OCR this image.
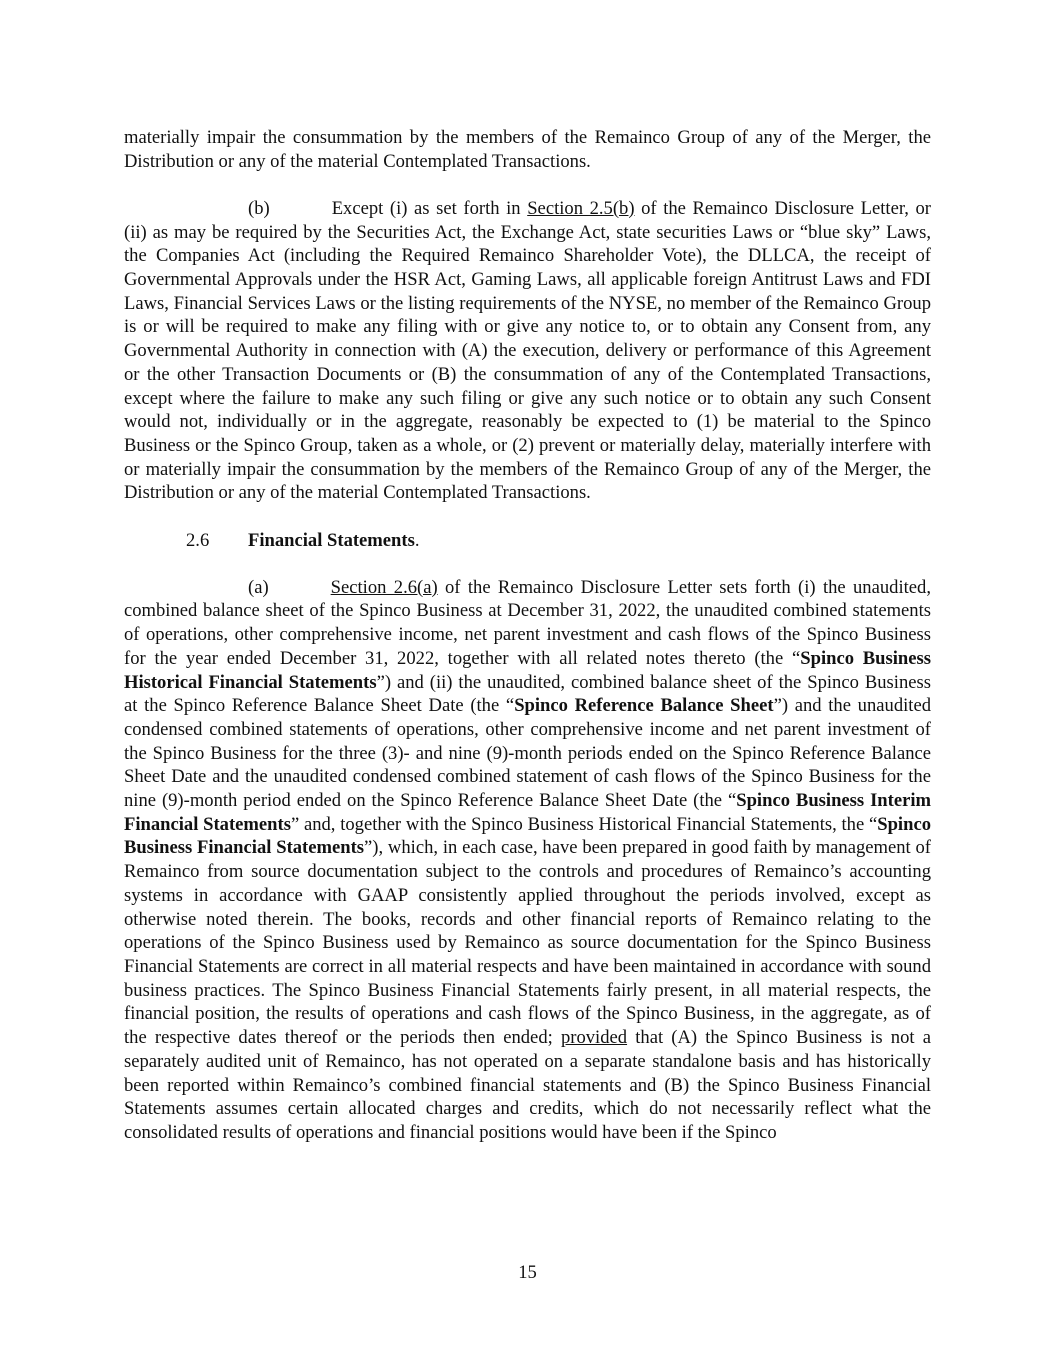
materially impair the consummation by the members of the Remainco Group of any of the Merger, the Distribution or any of the material Contemplated Transactions.

(b)	Except (i) as set forth in Section 2.5(b) of the Remainco Disclosure Letter, or (ii) as may be required by the Securities Act, the Exchange Act, state securities Laws or “blue sky” Laws, the Companies Act (including the Required Remainco Shareholder Vote), the DLLCA, the receipt of Governmental Approvals under the HSR Act, Gaming Laws, all applicable foreign Antitrust Laws and FDI Laws, Financial Services Laws or the listing requirements of the NYSE, no member of the Remainco Group is or will be required to make any filing with or give any notice to, or to obtain any Consent from, any Governmental Authority in connection with (A) the execution, delivery or performance of this Agreement or the other Transaction Documents or (B) the consummation of any of the Contemplated Transactions, except where the failure to make any such filing or give any such notice or to obtain any such Consent would not, individually or in the aggregate, reasonably be expected to (1) be material to the Spinco Business or the Spinco Group, taken as a whole, or (2) prevent or materially delay, materially interfere with or materially impair the consummation by the members of the Remainco Group of any of the Merger, the Distribution or any of the material Contemplated Transactions.

2.6 Financial Statements.

(a)	Section 2.6(a) of the Remainco Disclosure Letter sets forth (i) the unaudited, combined balance sheet of the Spinco Business at December 31, 2022, the unaudited combined statements of operations, other comprehensive income, net parent investment and cash flows of the Spinco Business for the year ended December 31, 2022, together with all related notes thereto (the “Spinco Business Historical Financial Statements”) and (ii) the unaudited, combined balance sheet of the Spinco Business at the Spinco Reference Balance Sheet Date (the “Spinco Reference Balance Sheet”) and the unaudited condensed combined statements of operations, other comprehensive income and net parent investment of the Spinco Business for the three (3)- and nine (9)-month periods ended on the Spinco Reference Balance Sheet Date and the unaudited condensed combined statement of cash flows of the Spinco Business for the nine (9)-month period ended on the Spinco Reference Balance Sheet Date (the “Spinco Business Interim Financial Statements” and, together with the Spinco Business Historical Financial Statements, the “Spinco Business Financial Statements”), which, in each case, have been prepared in good faith by management of Remainco from source documentation subject to the controls and procedures of Remainco’s accounting systems in accordance with GAAP consistently applied throughout the periods involved, except as otherwise noted therein. The books, records and other financial reports of Remainco relating to the operations of the Spinco Business used by Remainco as source documentation for the Spinco Business Financial Statements are correct in all material respects and have been maintained in accordance with sound business practices. The Spinco Business Financial Statements fairly present, in all material respects, the financial position, the results of operations and cash flows of the Spinco Business, in the aggregate, as of the respective dates thereof or the periods then ended; provided that (A) the Spinco Business is not a separately audited unit of Remainco, has not operated on a separate standalone basis and has historically been reported within Remainco’s combined financial statements and (B) the Spinco Business Financial Statements assumes certain allocated charges and credits, which do not necessarily reflect what the consolidated results of operations and financial positions would have been if the Spinco

15
